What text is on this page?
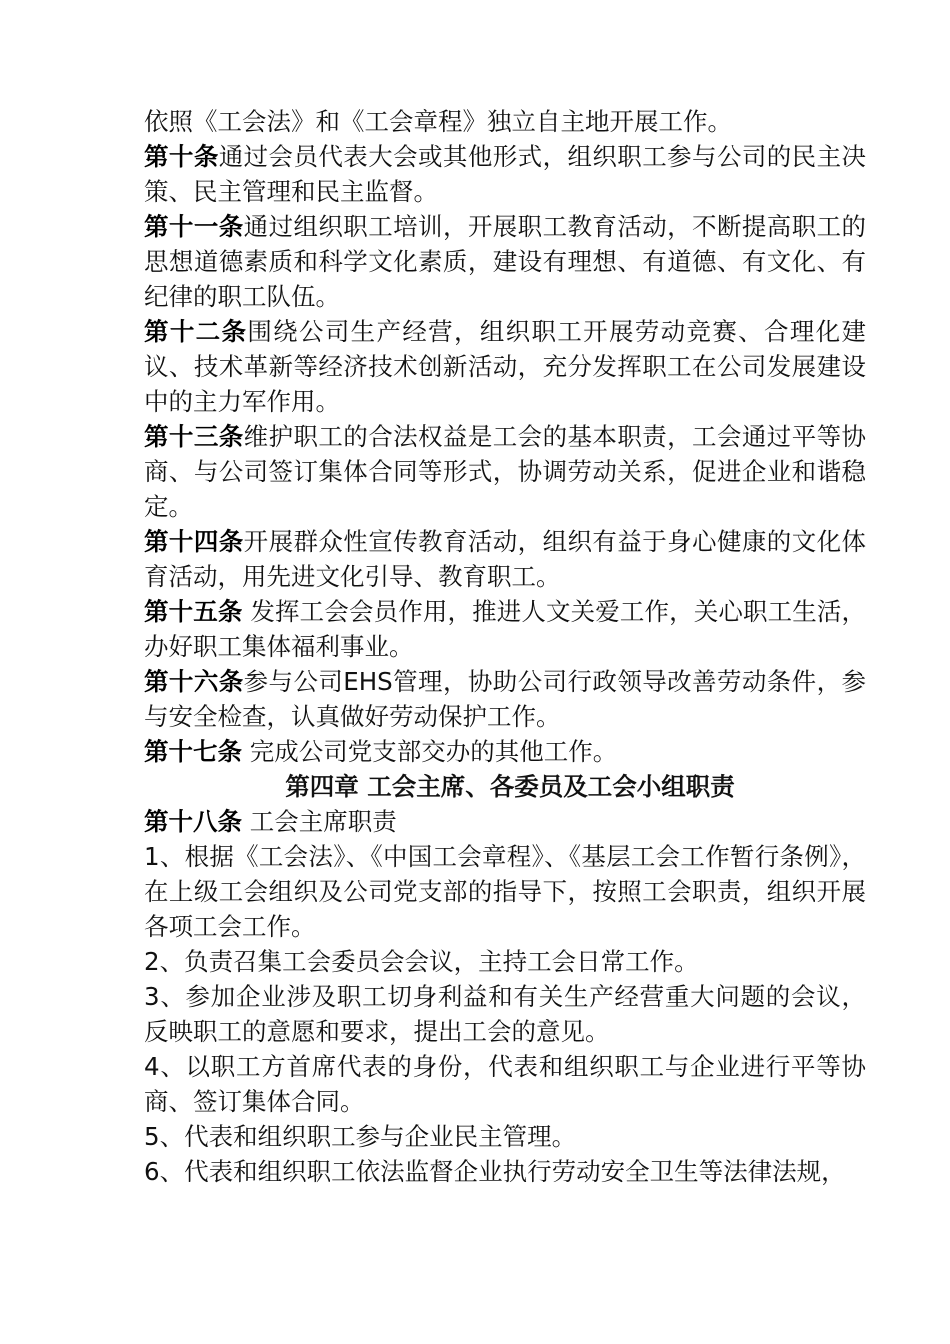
依照《工会法》和《工会章程》独立自主地开展工作。

第十条通过会员代表大会或其他形式，组织职工参与公司的民主决策、民主管理和民主监督。

第十一条通过组织职工培训，开展职工教育活动，不断提高职工的思想道德素质和科学文化素质，建设有理想、有道德、有文化、有纪律的职工队伍。

第十二条围绕公司生产经营，组织职工开展劳动竞赛、合理化建议、技术革新等经济技术创新活动，充分发挥职工在公司发展建设中的主力军作用。

第十三条维护职工的合法权益是工会的基本职责，工会通过平等协商、与公司签订集体合同等形式，协调劳动关系，促进企业和谐稳定。

第十四条开展群众性宣传教育活动，组织有益于身心健康的文化体育活动，用先进文化引导、教育职工。

第十五条 发挥工会会员作用，推进人文关爱工作，关心职工生活，办好职工集体福利事业。

第十六条参与公司EHS管理，协助公司行政领导改善劳动条件，参与安全检查，认真做好劳动保护工作。

第十七条 完成公司党支部交办的其他工作。

第四章 工会主席、各委员及工会小组职责

第十八条 工会主席职责

1、根据《工会法》、《中国工会章程》、《基层工会工作暂行条例》，在上级工会组织及公司党支部的指导下，按照工会职责，组织开展各项工会工作。

2、负责召集工会委员会会议，主持工会日常工作。

3、参加企业涉及职工切身利益和有关生产经营重大问题的会议，反映职工的意愿和要求，提出工会的意见。

4、以职工方首席代表的身份，代表和组织职工与企业进行平等协商、签订集体合同。

5、代表和组织职工参与企业民主管理。

6、代表和组织职工依法监督企业执行劳动安全卫生等法律法规，
